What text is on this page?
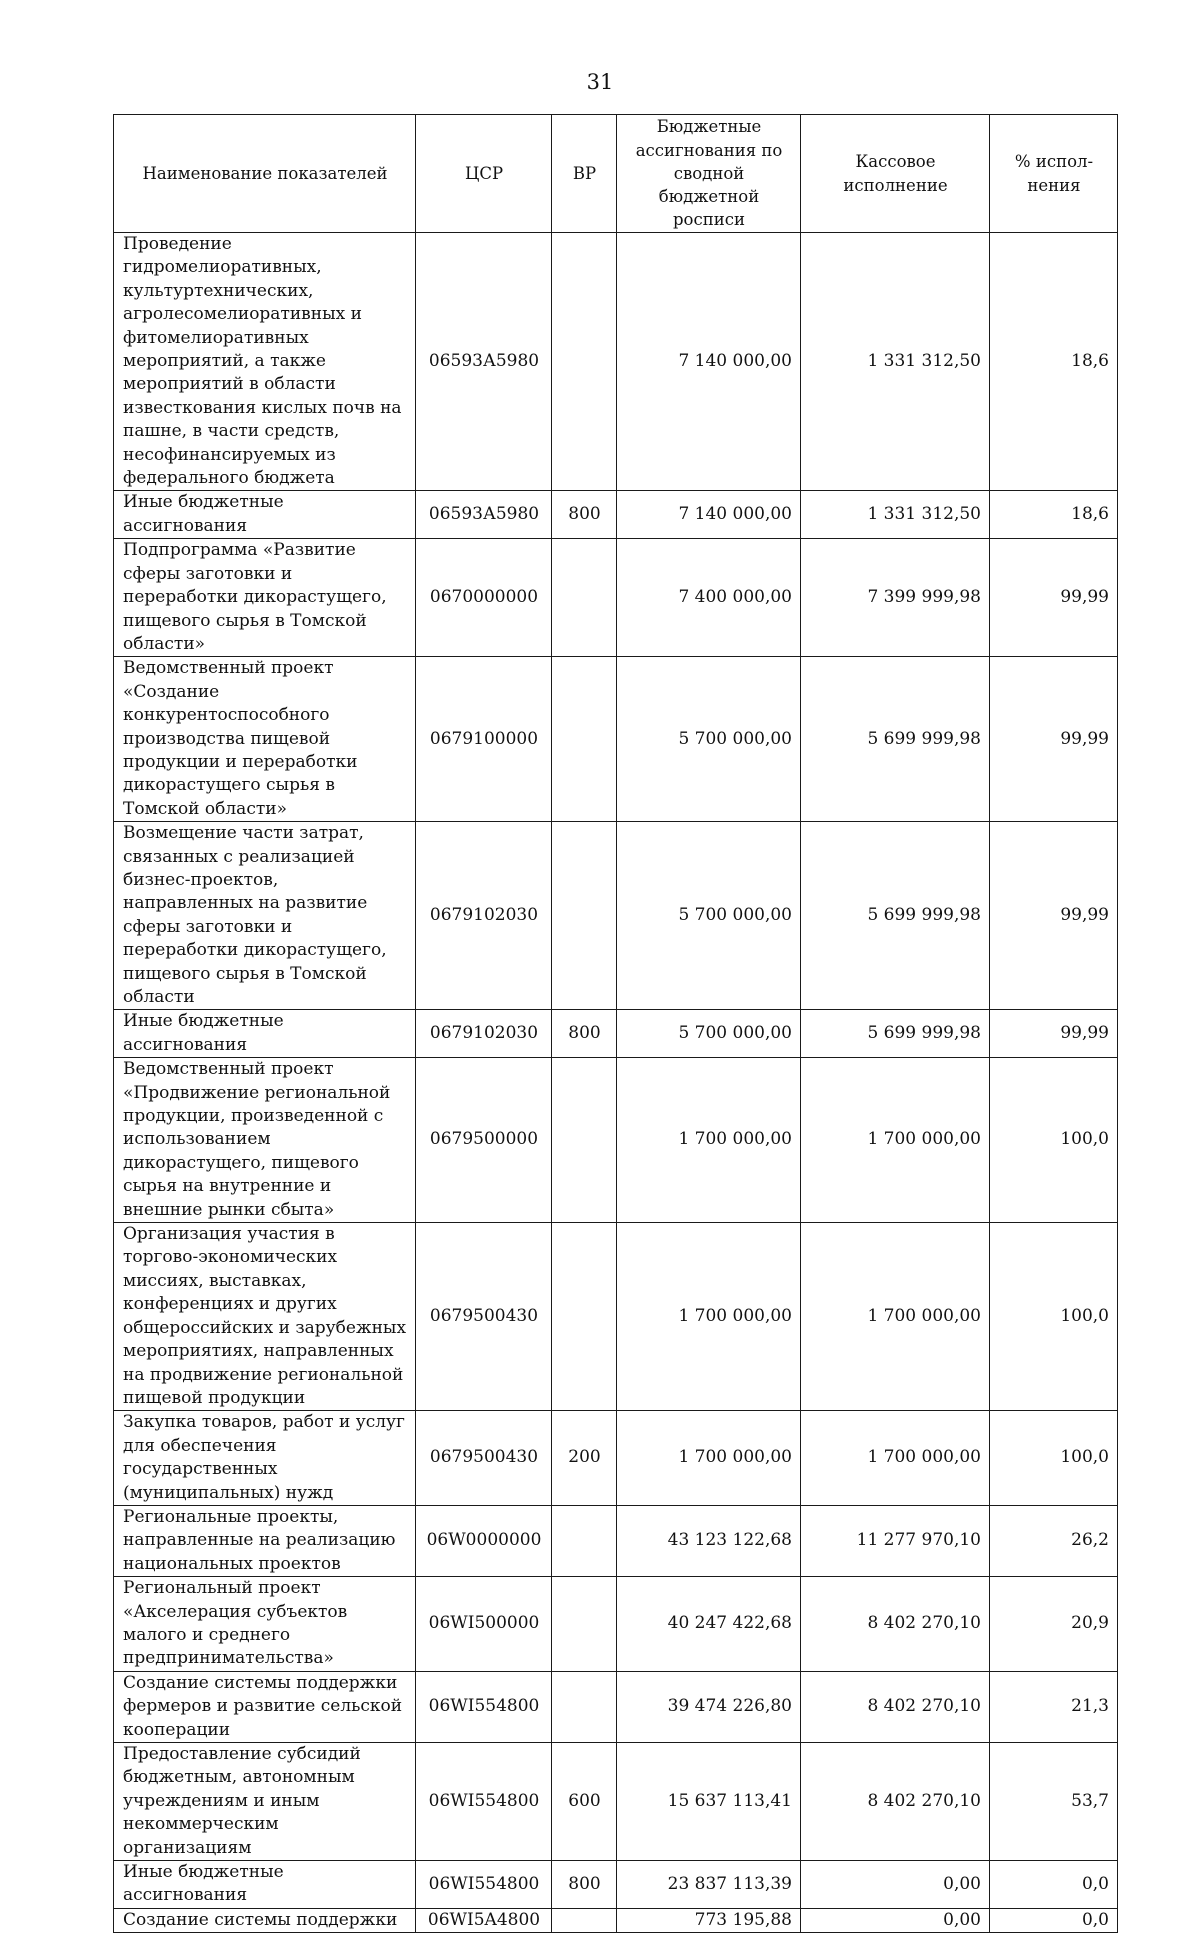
31
Наименование показателей	ЦСР	ВР	Бюджетные ассигнования по сводной бюджетной росписи	Кассовое исполнение	% испол-нения
Проведение гидромелиоративных, культуртехнических, агролесомелиоративных и фитомелиоративных мероприятий, а также мероприятий в области известкования кислых почв на пашне, в части средств, несофинансируемых из федерального бюджета	06593А5980		7 140 000,00	1 331 312,50	18,6
Иные бюджетные ассигнования	06593А5980	800	7 140 000,00	1 331 312,50	18,6
Подпрограмма «Развитие сферы заготовки и переработки дикорастущего, пищевого сырья в Томской области»	0670000000		7 400 000,00	7 399 999,98	99,99
Ведомственный проект «Создание конкурентоспособного производства пищевой продукции и переработки дикорастущего сырья в Томской области»	0679100000		5 700 000,00	5 699 999,98	99,99
Возмещение части затрат, связанных с реализацией бизнес-проектов, направленных на развитие сферы заготовки и переработки дикорастущего, пищевого сырья в Томской области	0679102030		5 700 000,00	5 699 999,98	99,99
Иные бюджетные ассигнования	0679102030	800	5 700 000,00	5 699 999,98	99,99
Ведомственный проект «Продвижение региональной продукции, произведенной с использованием дикорастущего, пищевого сырья на внутренние и внешние рынки сбыта»	0679500000		1 700 000,00	1 700 000,00	100,0
Организация участия в торгово-экономических миссиях, выставках, конференциях и других общероссийских и зарубежных мероприятиях, направленных на продвижение региональной пищевой продукции	0679500430		1 700 000,00	1 700 000,00	100,0
Закупка товаров, работ и услуг для обеспечения государственных (муниципальных) нужд	0679500430	200	1 700 000,00	1 700 000,00	100,0
Региональные проекты, направленные на реализацию национальных проектов	06W0000000		43 123 122,68	11 277 970,10	26,2
Региональный проект «Акселерация субъектов малого и среднего предпринимательства»	06WI500000		40 247 422,68	8 402 270,10	20,9
Создание системы поддержки фермеров и развитие сельской кооперации	06WI554800		39 474 226,80	8 402 270,10	21,3
Предоставление субсидий бюджетным, автономным учреждениям и иным некоммерческим организациям	06WI554800	600	15 637 113,41	8 402 270,10	53,7
Иные бюджетные ассигнования	06WI554800	800	23 837 113,39	0,00	0,0
Создание системы поддержки	06WI5A4800		773 195,88	0,00	0,0
